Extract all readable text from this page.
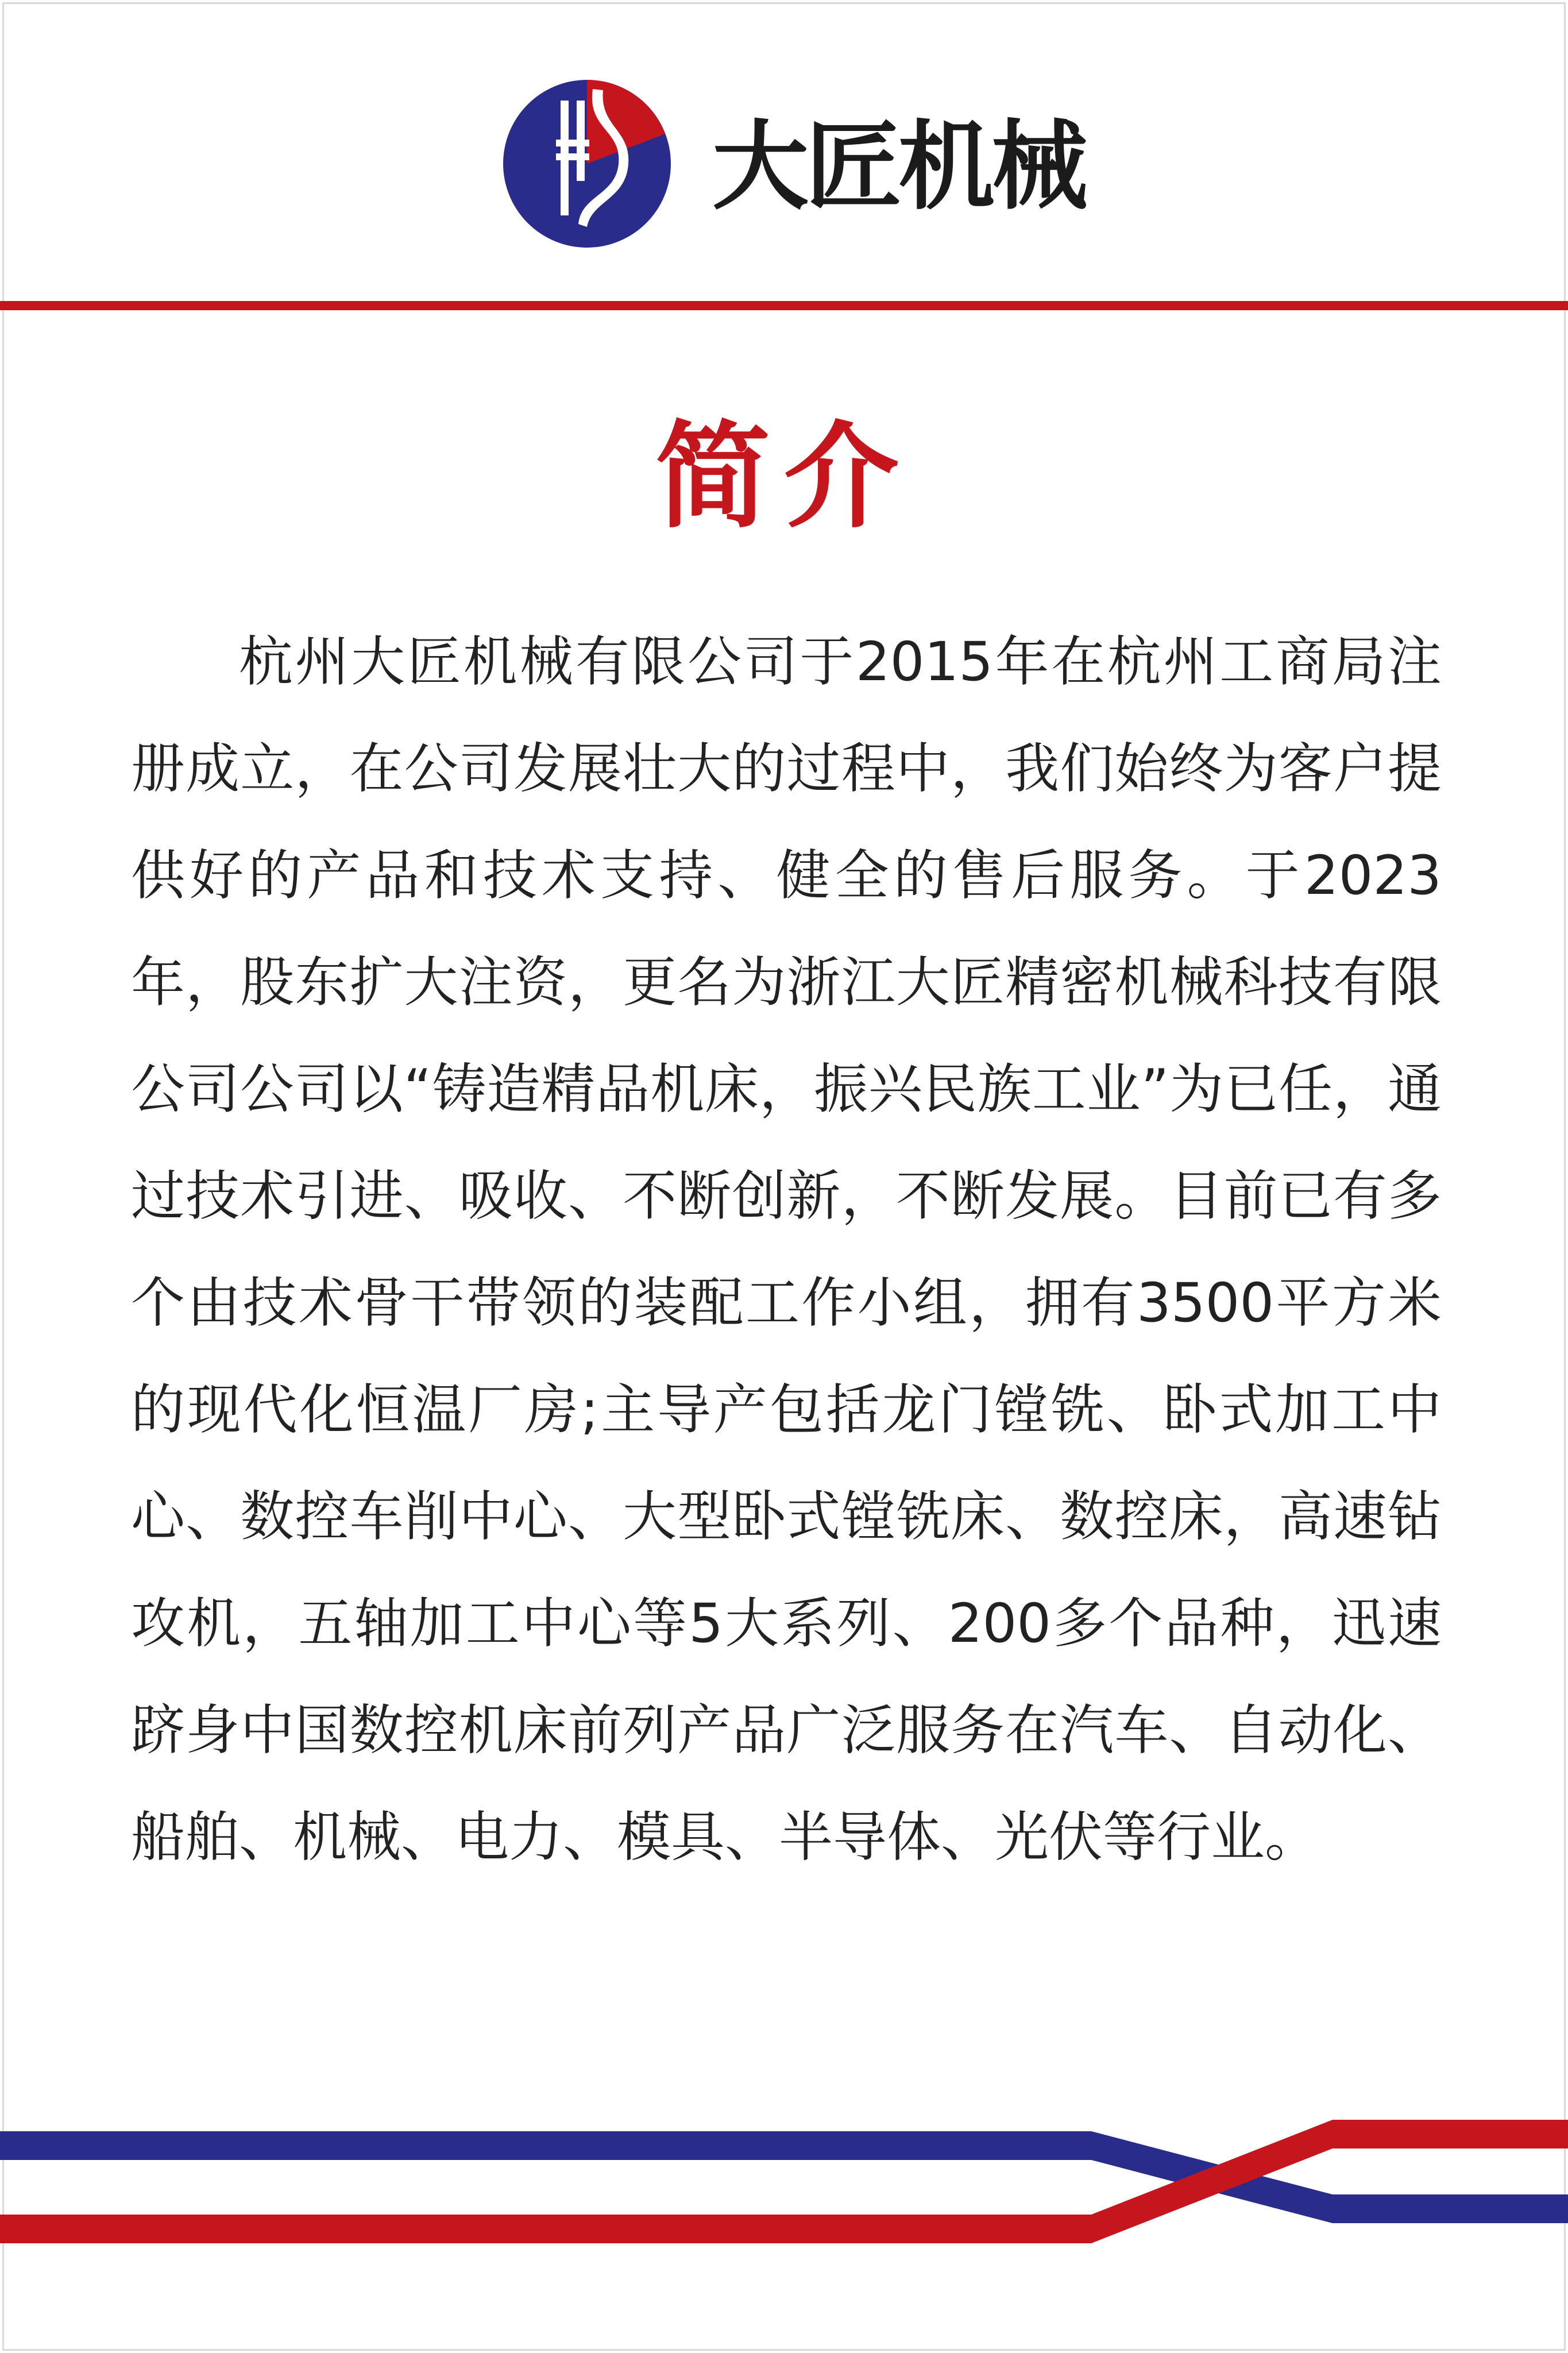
大匠机械
简介

杭州大匠机械有限公司于2015年在杭州工商局注册成立，在公司发展壮大的过程中，我们始终为客户提供好的产品和技术支持、健全的售后服务。于2023年，股东扩大注资，更名为浙江大匠精密机械科技有限公司公司以“铸造精品机床，振兴民族工业”为已任，通过技术引进、吸收、不断创新，不断发展。目前已有多个由技术骨干带领的装配工作小组，拥有3500平方米的现代化恒温厂房;主导产包括龙门镗铣、卧式加工中心、数控车削中心、大型卧式镗铣床、数控床，高速钻攻机，五轴加工中心等5大系列、200多个品种，迅速跻身中国数控机床前列产品广泛服务在汽车、自动化、船舶、机械、电力、模具、半导体、光伏等行业。
